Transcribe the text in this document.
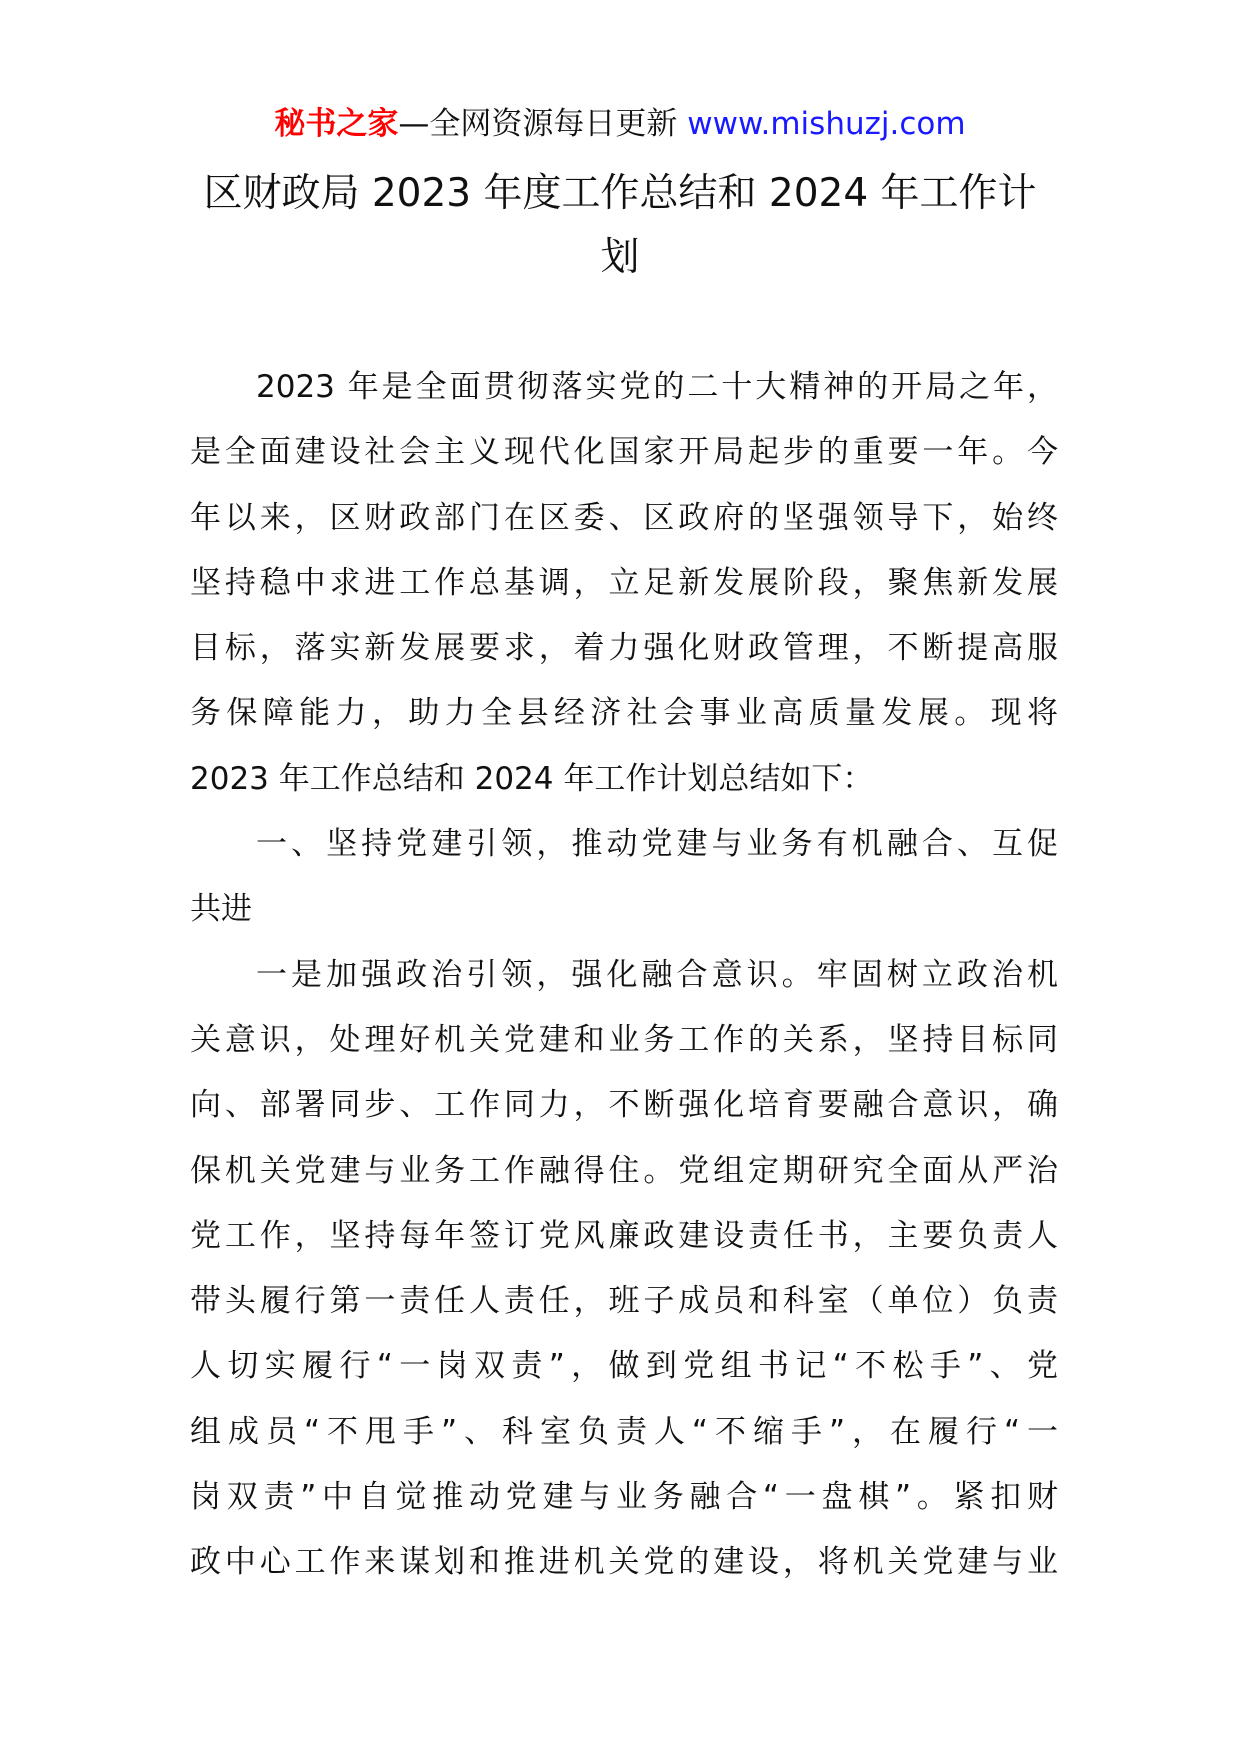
秘书之家—全网资源每日更新 www.mishuzj.com
区财政局 2023 年度工作总结和 2024 年工作计
划
2023 年是全面贯彻落实党的二十大精神的开局之年，
是全面建设社会主义现代化国家开局起步的重要一年。今
年以来，区财政部门在区委、区政府的坚强领导下，始终
坚持稳中求进工作总基调，立足新发展阶段，聚焦新发展
目标，落实新发展要求，着力强化财政管理，不断提高服
务保障能力，助力全县经济社会事业高质量发展。现将
2023 年工作总结和 2024 年工作计划总结如下：
一、坚持党建引领，推动党建与业务有机融合、互促
共进
一是加强政治引领，强化融合意识。牢固树立政治机
关意识，处理好机关党建和业务工作的关系，坚持目标同
向、部署同步、工作同力，不断强化培育要融合意识，确
保机关党建与业务工作融得住。党组定期研究全面从严治
党工作，坚持每年签订党风廉政建设责任书，主要负责人
带头履行第一责任人责任，班子成员和科室（单位）负责
人切实履行“一岗双责”，做到党组书记“不松手”、党
组成员“不甩手”、科室负责人“不缩手”，在履行“一
岗双责”中自觉推动党建与业务融合“一盘棋”。紧扣财
政中心工作来谋划和推进机关党的建设，将机关党建与业
